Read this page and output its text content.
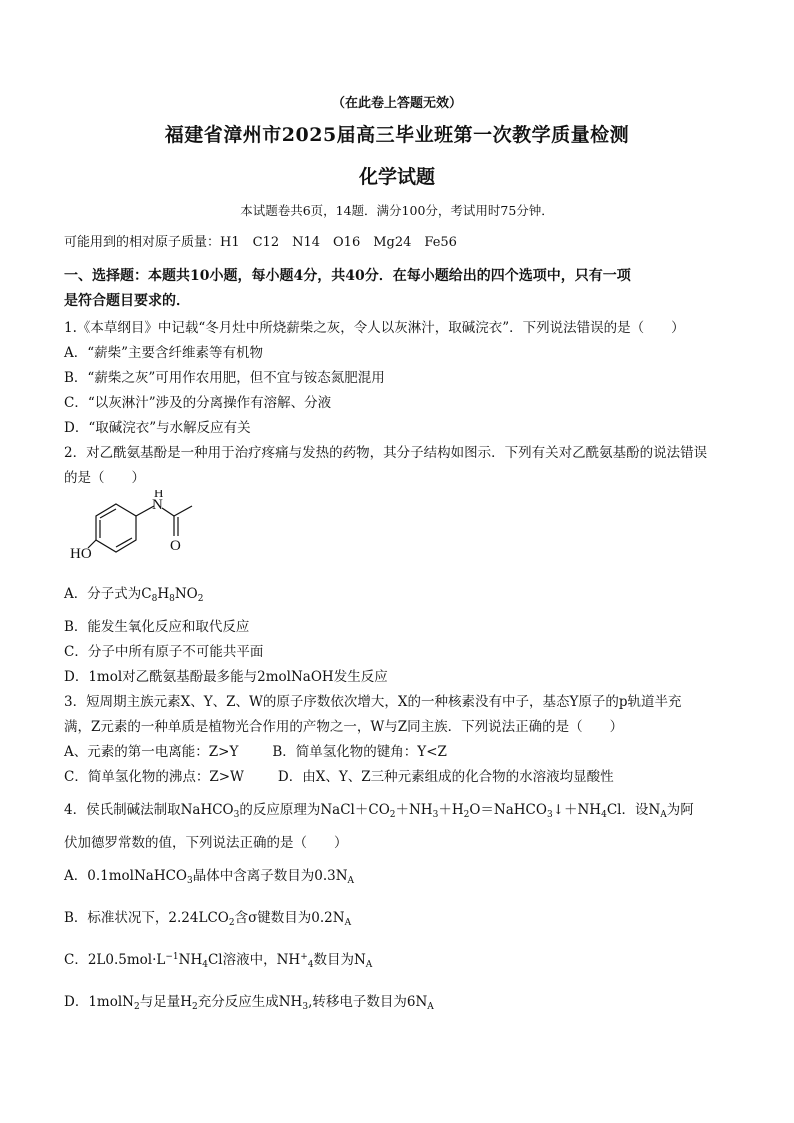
（在此卷上答题无效）
福建省漳州市2025届高三毕业班第一次教学质量检测
化学试题
本试题卷共6页，14题．满分100分，考试用时75分钟．
可能用到的相对原子质量：H1　C12　N14　O16　Mg24　Fe56
一、选择题：本题共10小题，每小题4分，共40分．在每小题给出的四个选项中，只有一项
是符合题目要求的．
1.《本草纲目》中记载“冬月灶中所烧薪柴之灰，令人以灰淋汁，取碱浣衣”．下列说法错误的是（　　）
A．“薪柴”主要含纤维素等有机物
B．“薪柴之灰”可用作农用肥，但不宜与铵态氮肥混用
C．“以灰淋汁”涉及的分离操作有溶解、分液
D．“取碱浣衣”与水解反应有关
2．对乙酰氨基酚是一种用于治疗疼痛与发热的药物，其分子结构如图示．下列有关对乙酰氨基酚的说法错误
的是（　　）
N
H
O
HO
A．分子式为$C_8H_8NO_2$
B．能发生氧化反应和取代反应
C．分子中所有原子不可能共平面
D．1mol对乙酰氨基酚最多能与2molNaOH发生反应
3．短周期主族元素X、Y、Z、W的原子序数依次增大，X的一种核素没有中子，基态Y原子的p轨道半充
满，Z元素的一种单质是植物光合作用的产物之一，W与Z同主族．下列说法正确的是（　　）
A、元素的第一电离能：Z>Y	B．简单氢化物的键角：Y<Z
C．简单氢化物的沸点：Z>W	D．由X、Y、Z三种元素组成的化合物的水溶液均显酸性
4．侯氏制碱法制取NaHCO$_3$的反应原理为$NaCl+CO_2+NH_3+H_2O=NaHCO_3↓+NH_4Cl$．设$N_A$为阿
伏加德罗常数的值，下列说法正确的是（　　）
A．0.1molNaHCO$_3$晶体中含离子数目为$0.3N_A$
B．标准状况下，$2.24LCO_2$含σ键数目为$0.2N_A$
C．$2L0.5mol\cdot L^{-1}NH_4Cl$溶液中，$NH^+_4$数目为$N_A$
D．1molN$_2$与足量$H_2$充分反应生成$NH_3$,转移电子数目为$6N_A$
